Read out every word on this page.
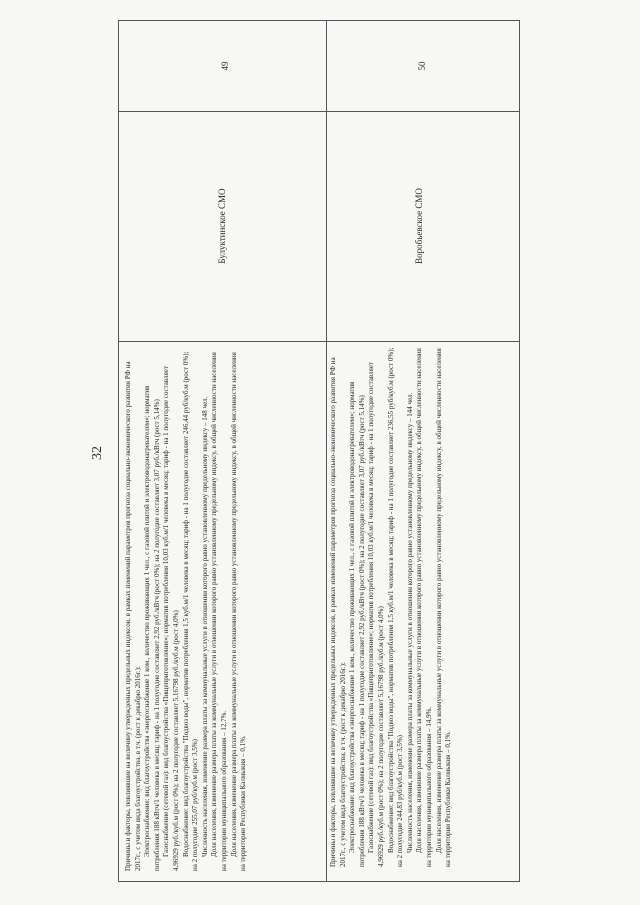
32
49
Булуктинское СМО

Причины и факторы, повлиявшие на величину утвержденных предельных индексов, в рамках изменений параметров прогноза социально-экономического развития РФ на 2017г., с учетом вида благоустройства, в т.ч. (рост к декабрю 2016г.): Электроснабжение: вид благоустройства «энергоснабжение 1 ком., количество проживающих 1 чел., с газовой плитой и электроводонагревателем»; норматив потребления 188 кВтч/1 человека в месяц; тариф - на 1 полугодие составляет 2,92 руб./кВтч (рост 0%); на 2 полугодие составляет 3,07 руб./кВтч (рост 5,14%) Газоснабжение (сетевой газ): вид благоустройства «Пищеприготовление»; норматив потребления 10,03 куб.м/1 человека в месяц; тариф - на 1 полугодие составляет 4,96929 руб./куб.м (рост 0%); на 2 полугодие составляет 5,16798 руб./куб.м (рост 4,0%) Водоснабжение: вид благоустройства "Подвоз воды", норматив потребления 1,5 куб.м/1 человека в месяц; тариф - на 1 полугодие составляет 246,44 руб/куб.м (рост 0%); на 2 полугодие 255,07 руб/куб.м (рост 3,5%) Численность населения, изменение размера платы за коммунальные услуги в отношении которого равно установленному предельному индексу – 148 чел. Доля населения, изменение размера платы за коммунальные услуги в отношении которого равно установленному предельному индексу, в общей численности населения на территории муниципального образования – 12,7%. Доля населения, изменение размера платы за коммунальные услуги в отношении которого равно установленному предельному индексу, в общей численности населения на территории Республики Калмыкия – 0,1%.

50
Воробьевское СМО

Причины и факторы, повлиявшие на величину утвержденных предельных индексов, в рамках изменений параметров прогноза социально-экономического развития РФ на 2017г., с учетом вида благоустройства, в т.ч. (рост к декабрю 2016г.): Электроснабжение: вид благоустройства «энергоснабжение 1 ком., количество проживающих 1 чел., с газовой плитой и электроводонагревателем»; норматив потребления 188 кВтч/1 человека в месяц; тариф - на 1 полугодие составляет 2,92 руб./кВтч (рост 0%); на 2 полугодие составляет 3,07 руб./кВтч (рост 5,14%) Газоснабжение (сетевой газ): вид благоустройства «Пищеприготовление»; норматив потребления 10,03 куб.м/1 человека в месяц; тариф - на 1 полугодие составляет 4,96929 руб./куб.м (рост 0%); на 2 полугодие составляет 5,16798 руб./куб.м (рост 4,0%) Водоснабжение: вид благоустройства "Подвоз воды", норматив потребления 1,5 куб.м/1 человека в месяц; тариф - на 1 полугодие составляет 236,55 руб/куб.м (рост 0%); на 2 полугодие 244,83 руб/куб.м (рост 3,5%) Численность населения, изменение размера платы за коммунальные услуги в отношении которого равно установленному предельному индексу – 144 чел. Доля населения, изменение размера платы за коммунальные услуги в отношении которого равно установленному предельному индексу, в общей численности населения на территории муниципального образования – 14,9%. Доля населения, изменение размера платы за коммунальные услуги в отношении которого равно установленному предельному индексу, в общей численности населения на территории Республики Калмыкия – 0,1%.
